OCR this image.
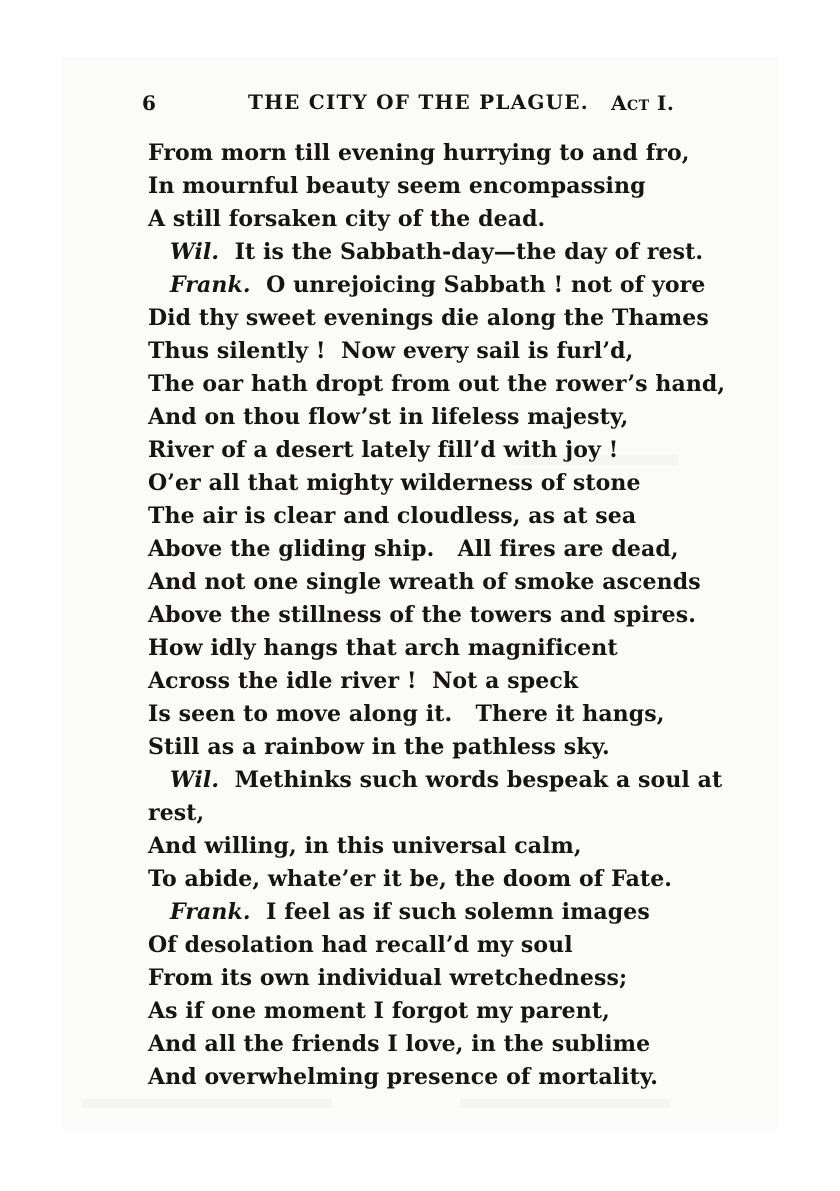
6	THE CITY OF THE PLAGUE. Act I.
From morn till evening hurrying to and fro,
In mournful beauty seem encompassing
A still forsaken city of the dead.
Wil.  It is the Sabbath-day—the day of rest.
Frank.  O unrejoicing Sabbath ! not of yore
Did thy sweet evenings die along the Thames
Thus silently !  Now every sail is furl’d,
The oar hath dropt from out the rower’s hand,
And on thou flow’st in lifeless majesty,
River of a desert lately fill’d with joy !
O’er all that mighty wilderness of stone
The air is clear and cloudless, as at sea
Above the gliding ship.   All fires are dead,
And not one single wreath of smoke ascends
Above the stillness of the towers and spires.
How idly hangs that arch magnificent
Across the idle river !  Not a speck
Is seen to move along it.   There it hangs,
Still as a rainbow in the pathless sky.
Wil.  Methinks such words bespeak a soul at rest,
And willing, in this universal calm,
To abide, whate’er it be, the doom of Fate.
Frank.  I feel as if such solemn images
Of desolation had recall’d my soul
From its own individual wretchedness;
As if one moment I forgot my parent,
And all the friends I love, in the sublime
And overwhelming presence of mortality.
